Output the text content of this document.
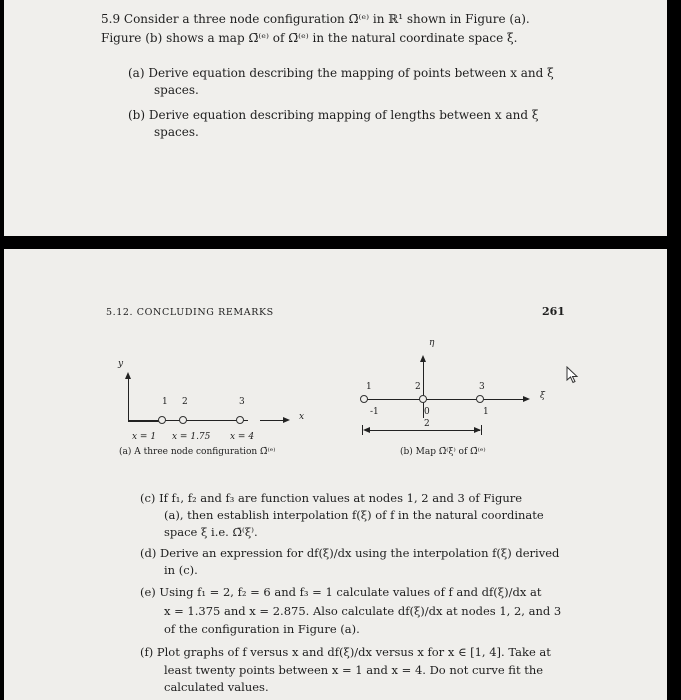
5.9 Consider a three node configuration Ω̄⁽ᵉ⁾ in ℝ¹ shown in Figure (a).
Figure (b) shows a map Ω̄⁽ᵉ⁾ of Ω̄⁽ᵉ⁾ in the natural coordinate space ξ.
(a) Derive equation describing the mapping of points between x and ξ
spaces.
(b) Derive equation describing mapping of lengths between x and ξ
spaces.
5.12. CONCLUDING REMARKS	261
y
1 2	3
x
x = 1 x = 1.75 x = 4
(a) A three node configuration Ω̄⁽ᵉ⁾
η
1	2	3
ξ
-1	0	1
2
(b) Map Ω̄⁽ξ⁾ of Ω̄⁽ᵉ⁾
(c) If f₁, f₂ and f₃ are function values at nodes 1, 2 and 3 of Figure
(a), then establish interpolation f(ξ) of f in the natural coordinate
space ξ i.e. Ω̄⁽ξ⁾.
(d) Derive an expression for df(ξ)/dx using the interpolation f(ξ) derived
in (c).
(e) Using f₁ = 2, f₂ = 6 and f₃ = 1 calculate values of f and df(ξ)/dx at
x = 1.375 and x = 2.875. Also calculate df(ξ)/dx at nodes 1, 2, and 3
of the configuration in Figure (a).
(f) Plot graphs of f versus x and df(ξ)/dx versus x for x ∈ [1, 4]. Take at
least twenty points between x = 1 and x = 4. Do not curve fit the
calculated values.
